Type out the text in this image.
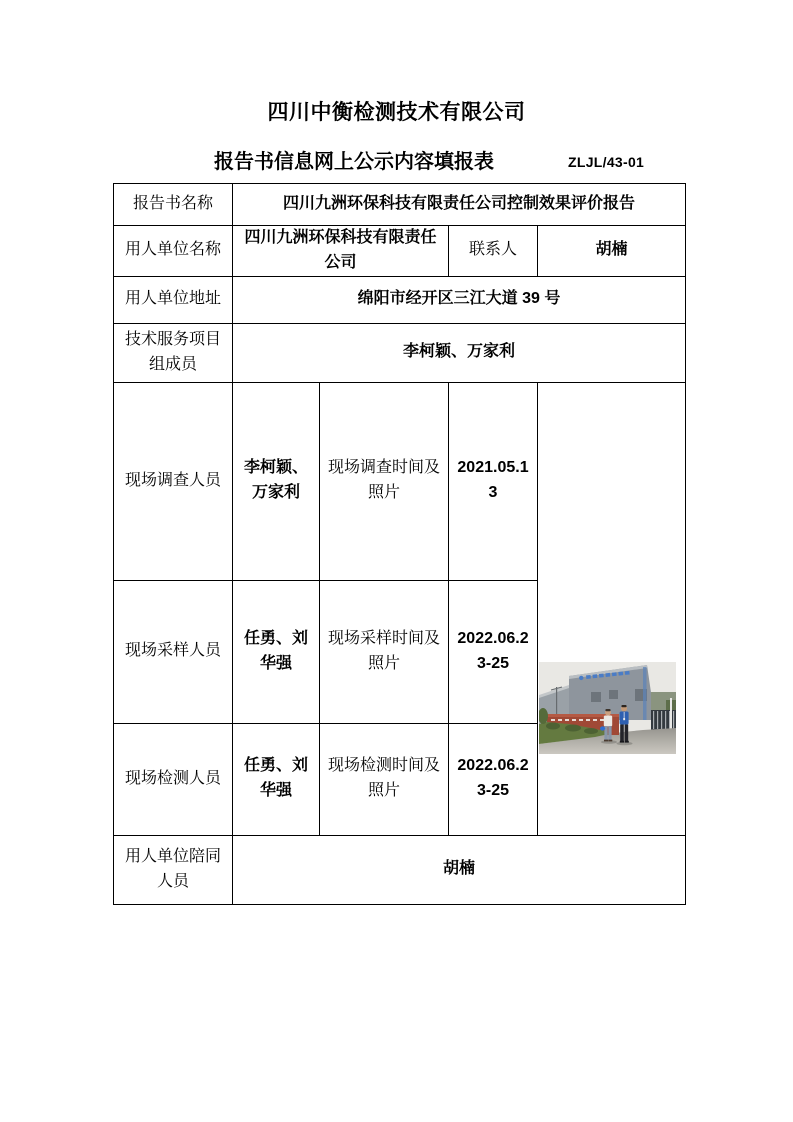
四川中衡检测技术有限公司
报告书信息网上公示内容填报表	ZLJL/43-01
报告书名称	四川九洲环保科技有限责任公司控制效果评价报告			
用人单位名称	四川九洲环保科技有限责任公司		联系人	胡楠
用人单位地址	绵阳市经开区三江大道 39 号			
技术服务项目组成员	李柯颖、万家利			
现场调查人员	李柯颖、万家利	现场调查时间及照片	2021.05.13	

现场采样人员	任勇、刘华强	现场采样时间及照片	2022.06.23-25	
现场检测人员	任勇、刘华强	现场检测时间及照片	2022.06.23-25	
用人单位陪同人员	胡楠			
